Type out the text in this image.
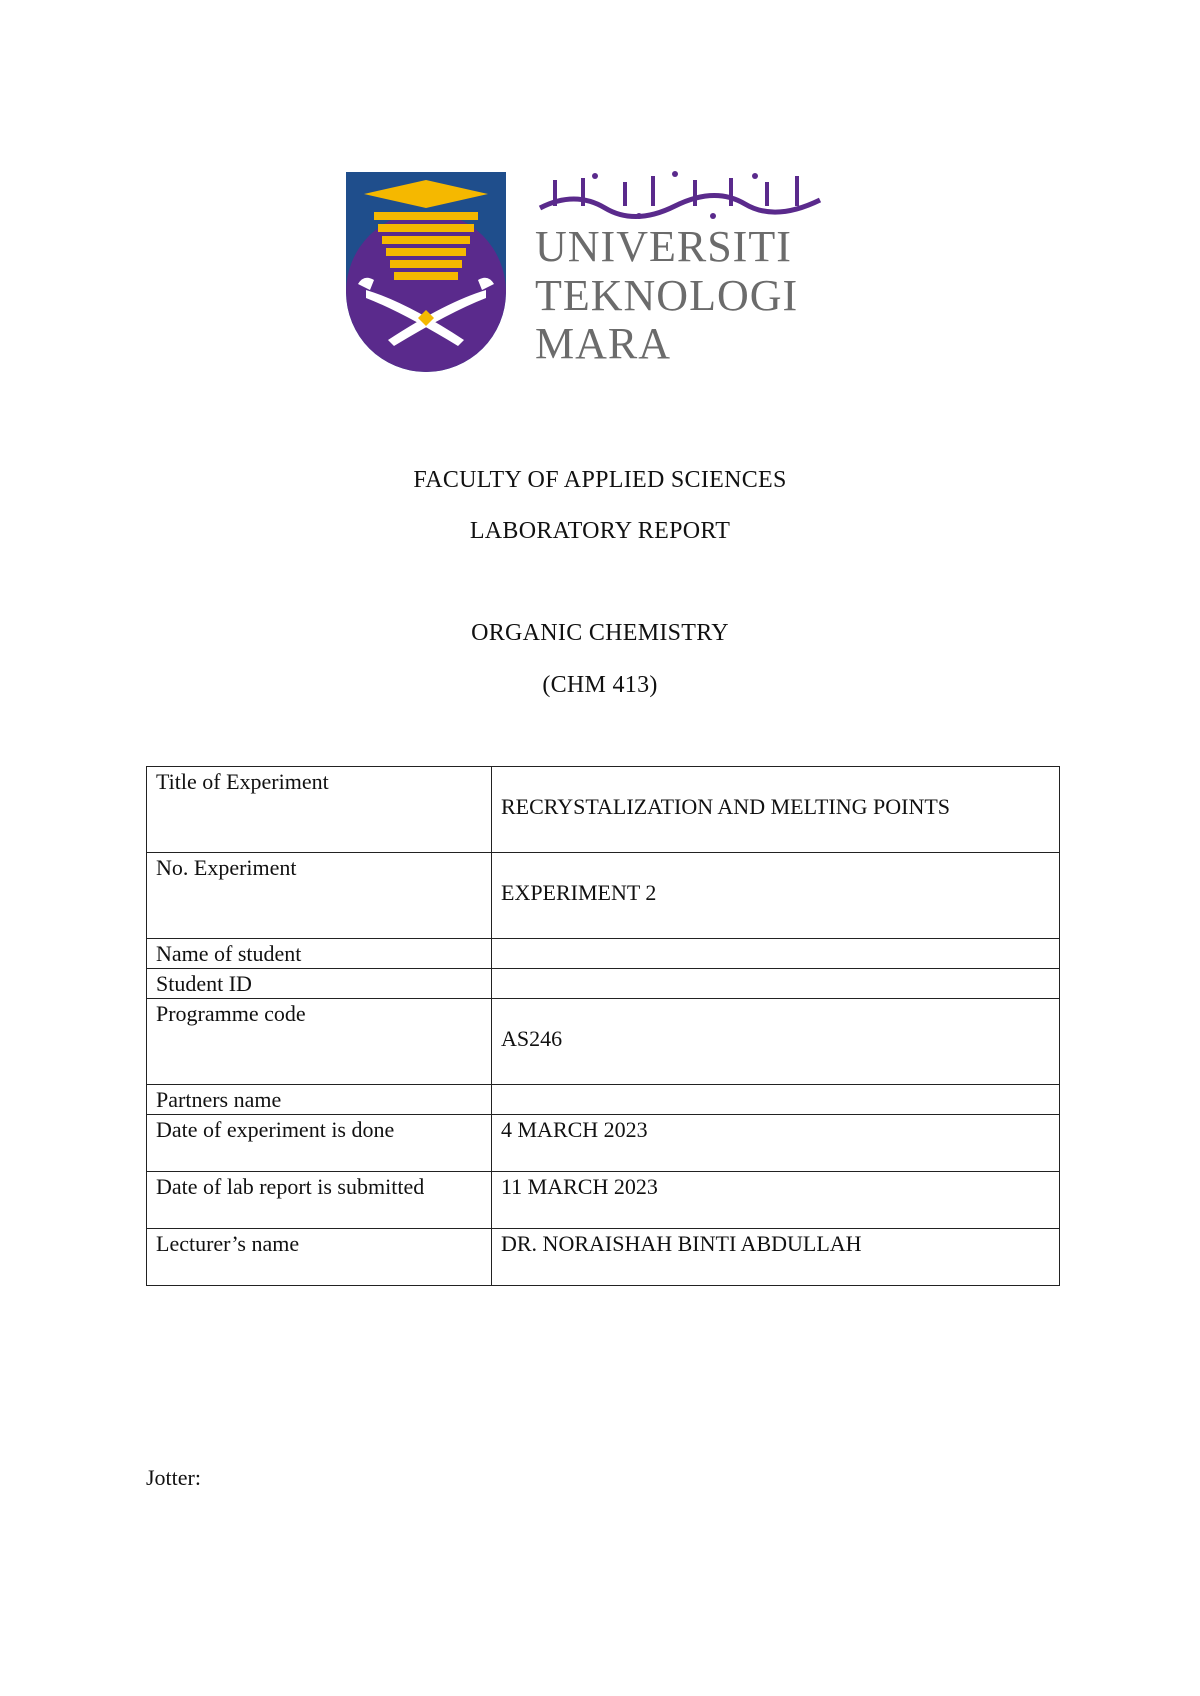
UNIVERSITI
TEKNOLOGI
MARA
FACULTY OF APPLIED SCIENCES
LABORATORY REPORT
ORGANIC CHEMISTRY
(CHM 413)
Title of Experiment	RECRYSTALIZATION AND MELTING POINTS
No. Experiment	EXPERIMENT 2
Name of student	
Student ID	
Programme code	AS246
Partners name	
Date of experiment is done	4 MARCH 2023
Date of lab report is submitted	11 MARCH 2023
Lecturer’s name	DR. NORAISHAH BINTI ABDULLAH
Jotter:
